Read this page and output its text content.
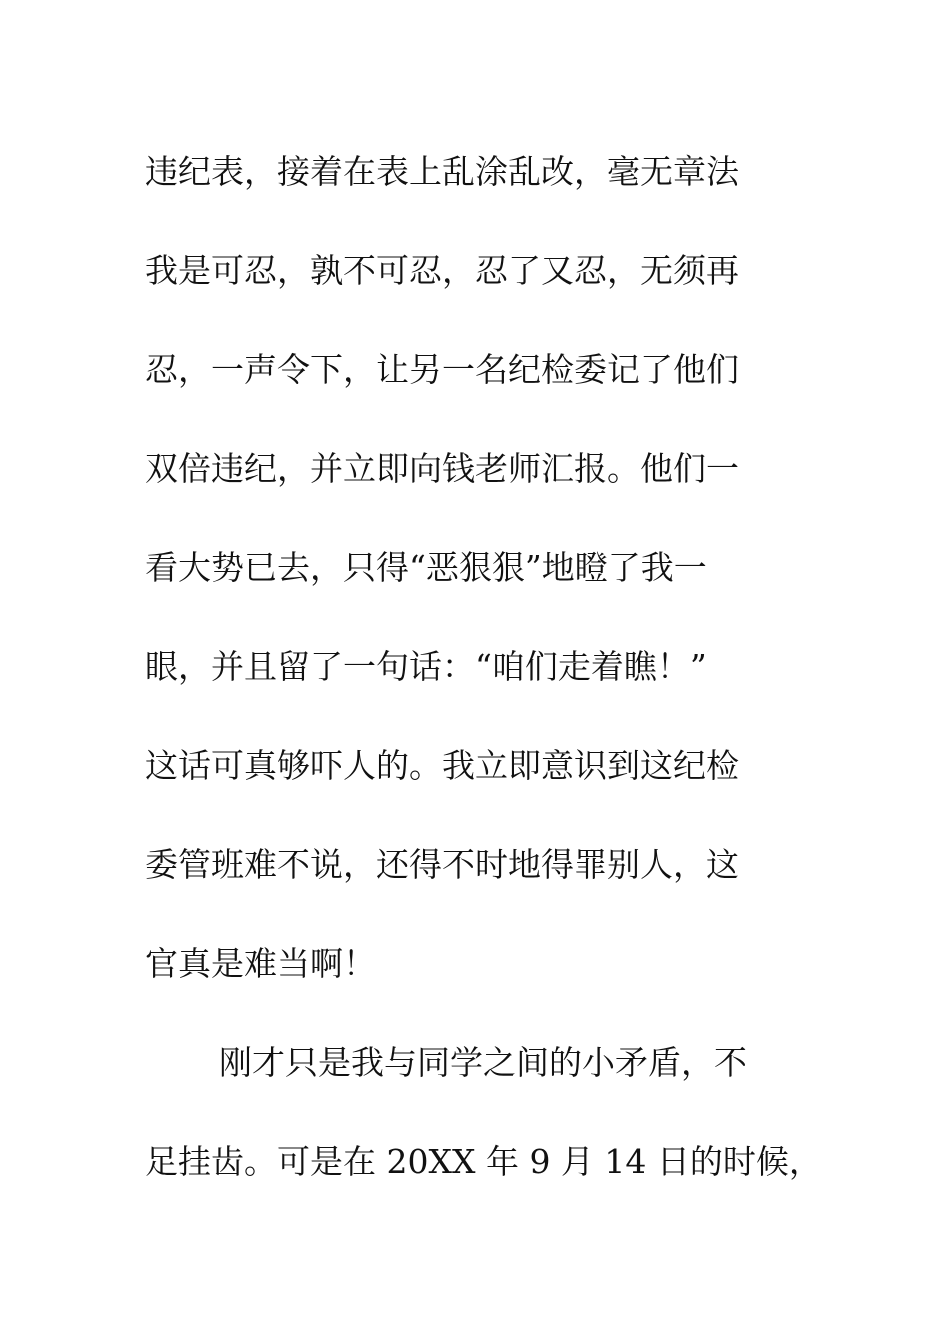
违纪表，接着在表上乱涂乱改，毫无章法
我是可忍，孰不可忍，忍了又忍，无须再
忍，一声令下，让另一名纪检委记了他们
双倍违纪，并立即向钱老师汇报。他们一
看大势已去，只得“恶狠狠”地瞪了我一
眼，并且留了一句话：“咱们走着瞧！”
这话可真够吓人的。我立即意识到这纪检
委管班难不说，还得不时地得罪别人，这
官真是难当啊！
刚才只是我与同学之间的小矛盾，不
足挂齿。可是在 20XX 年 9 月 14 日的时候，
